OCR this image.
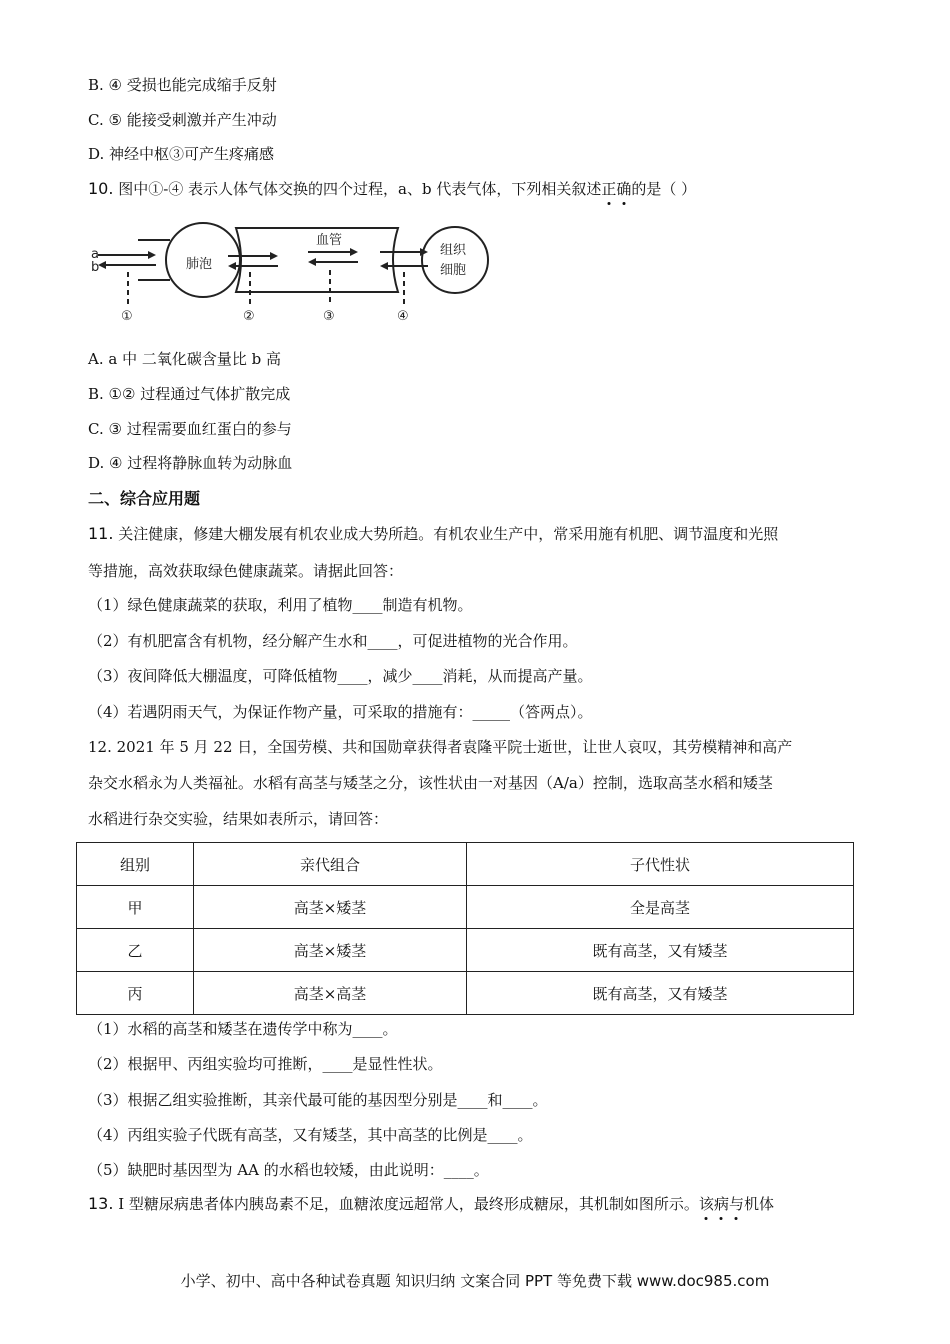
B. ④ 受损也能完成缩手反射
C. ⑤ 能接受刺激并产生冲动
D. 神经中枢③可产生疼痛感
10. 图中①-④ 表示人体气体交换的四个过程，a、b 代表气体，下列相关叙述正确的是（ ）
a
b	肺泡
血管
组织
细胞
①	②	③	④
A. a 中 二氧化碳含量比 b 高
B. ①② 过程通过气体扩散完成
C. ③ 过程需要血红蛋白的参与
D. ④ 过程将静脉血转为动脉血
二、综合应用题
11. 关注健康，修建大棚发展有机农业成大势所趋。有机农业生产中，常采用施有机肥、调节温度和光照
等措施，高效获取绿色健康蔬菜。请据此回答：
（1）绿色健康蔬菜的获取，利用了植物____制造有机物。
（2）有机肥富含有机物，经分解产生水和____，可促进植物的光合作用。
（3）夜间降低大棚温度，可降低植物____，减少____消耗，从而提高产量。
（4）若遇阴雨天气，为保证作物产量，可采取的措施有：_____（答两点）。
12. 2021 年 5 月 22 日，全国劳模、共和国勋章获得者袁隆平院士逝世，让世人哀叹，其劳模精神和高产
杂交水稻永为人类福祉。水稻有高茎与矮茎之分，该性状由一对基因（A/a）控制，选取高茎水稻和矮茎
水稻进行杂交实验，结果如表所示，请回答：
组别	亲代组合	子代性状
甲	高茎×矮茎	全是高茎
乙	高茎×矮茎	既有高茎，又有矮茎
丙	高茎×高茎	既有高茎，又有矮茎
（1）水稻的高茎和矮茎在遗传学中称为____。
（2）根据甲、丙组实验均可推断，____是显性性状。
（3）根据乙组实验推断，其亲代最可能的基因型分别是____和____。
（4）丙组实验子代既有高茎，又有矮茎，其中高茎的比例是____。
（5）缺肥时基因型为 AA 的水稻也较矮，由此说明：____。
13. Ⅰ 型糖尿病患者体内胰岛素不足，血糖浓度远超常人，最终形成糖尿，其机制如图所示。该病与机体
小学、初中、高中各种试卷真题 知识归纳 文案合同 PPT 等免费下载 www.doc985.com
